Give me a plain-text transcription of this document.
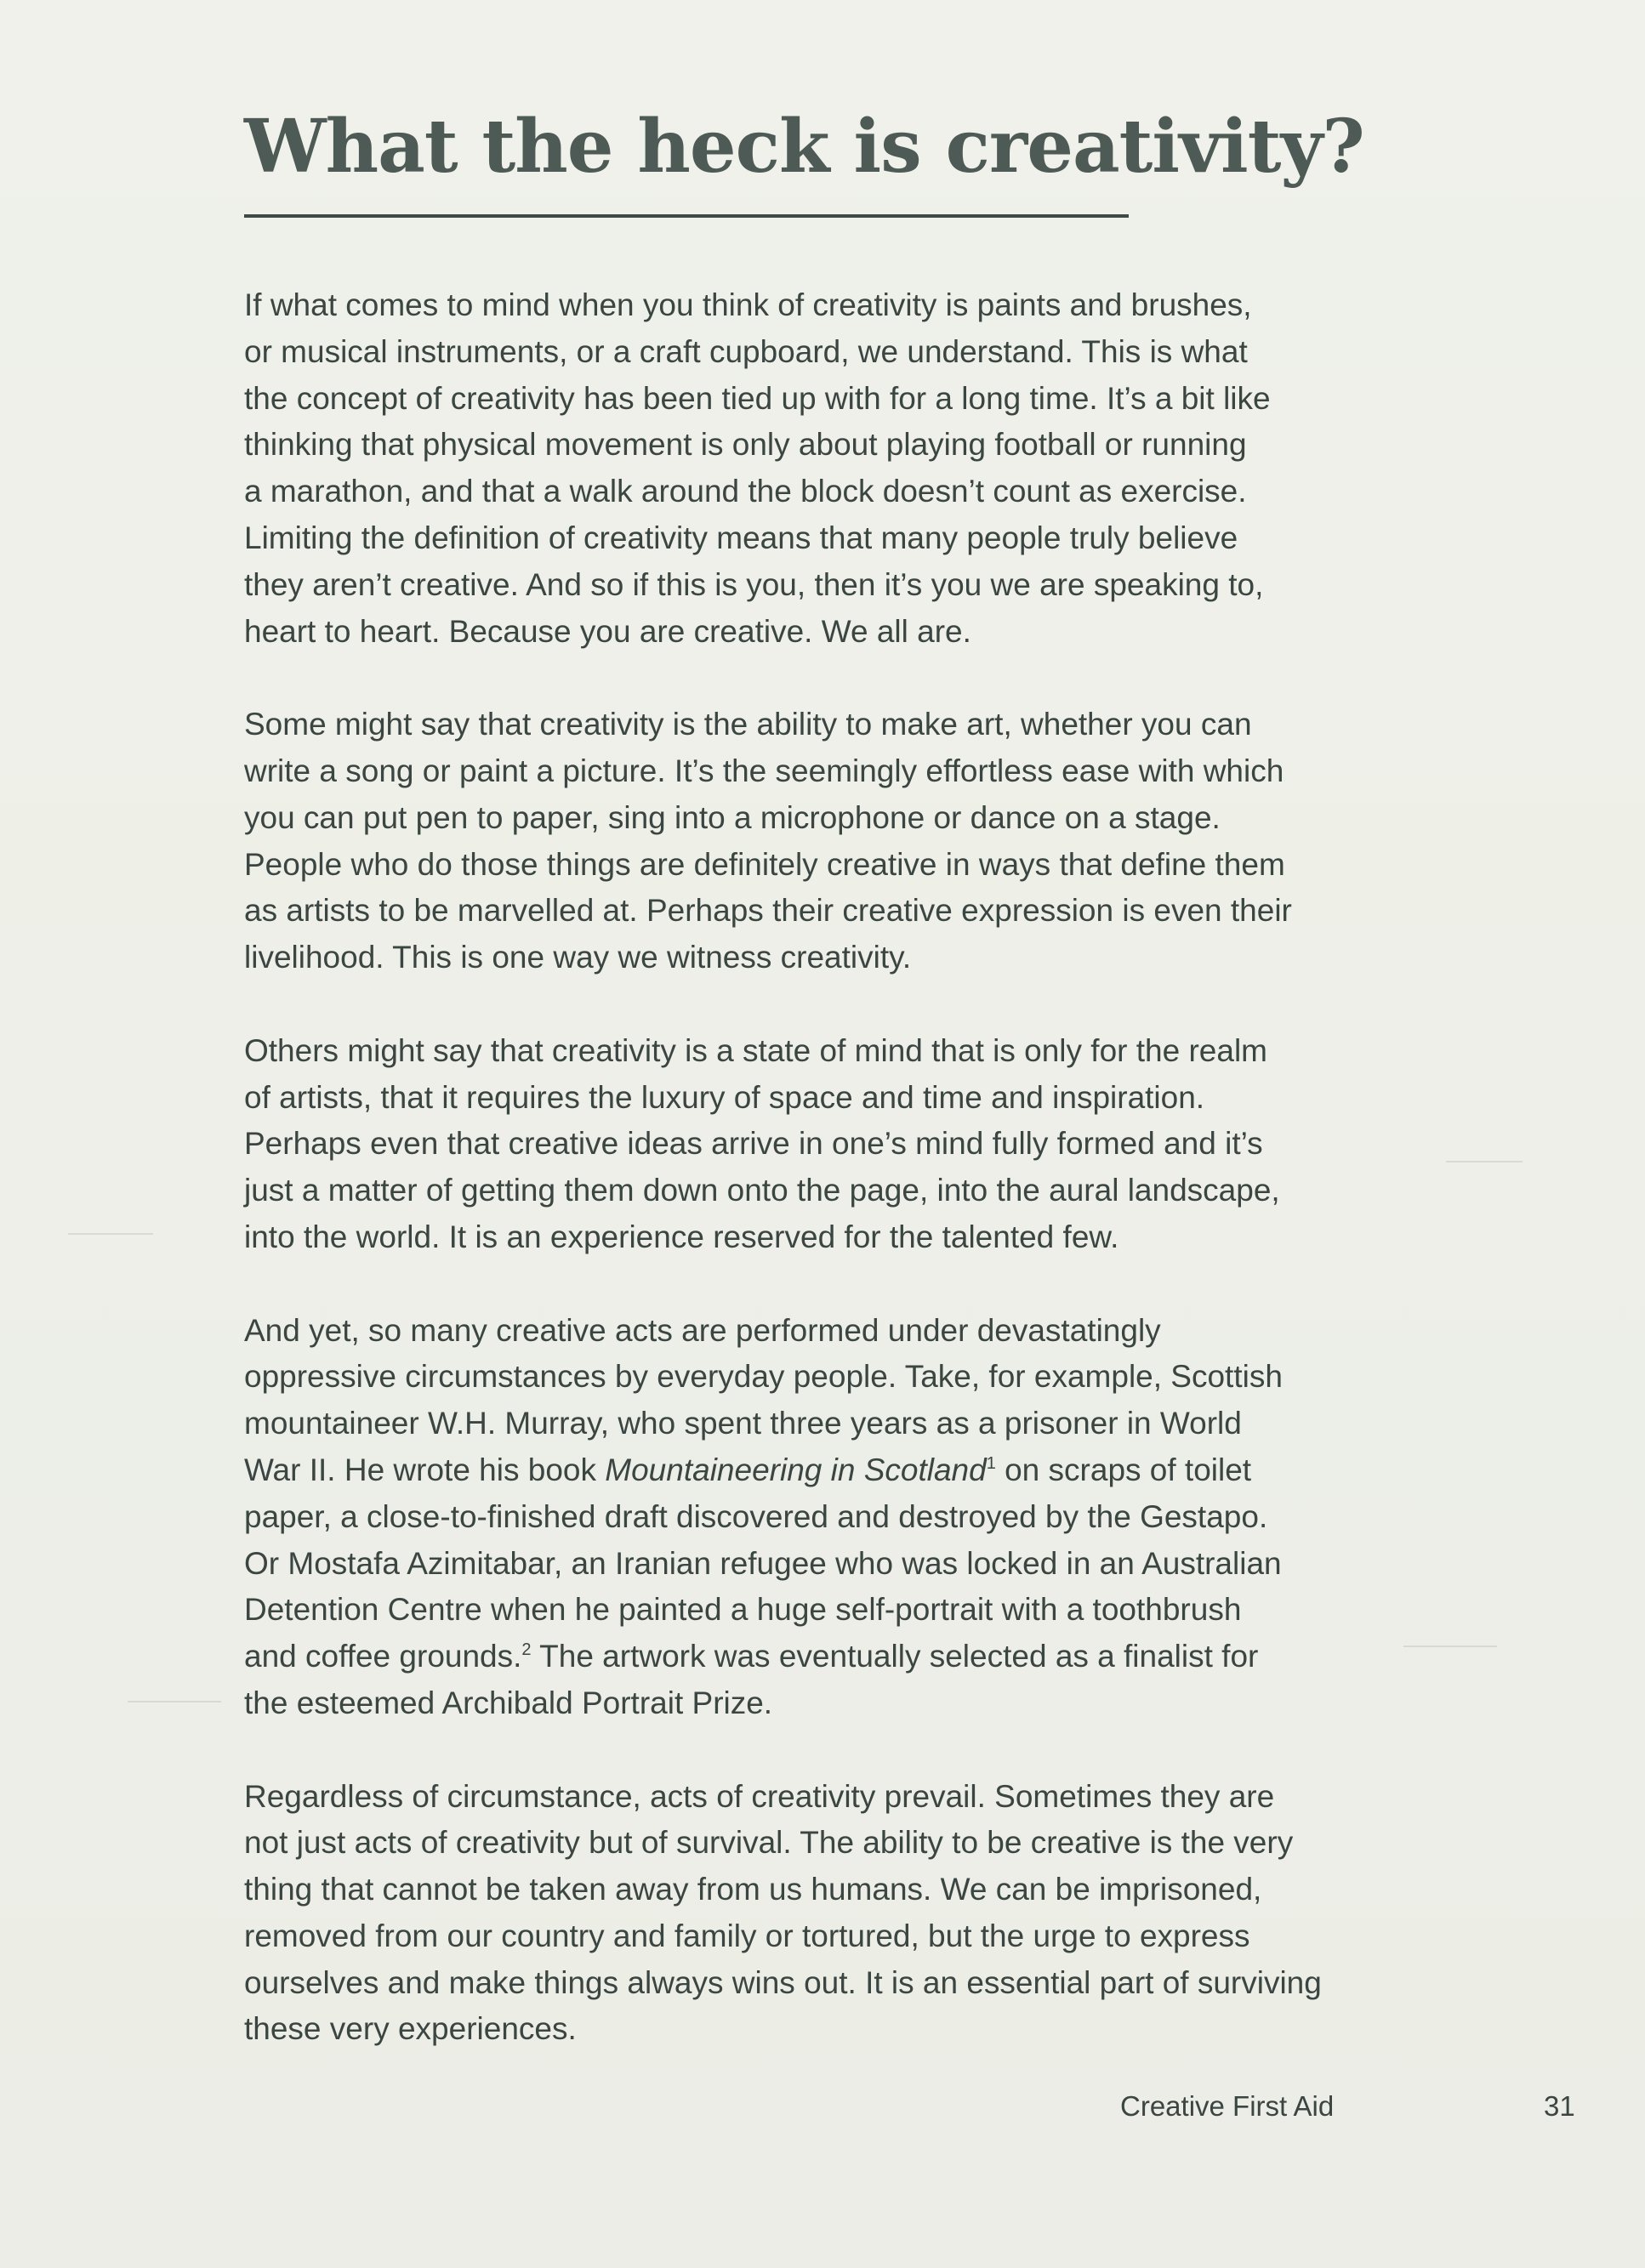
What the heck is creativity?

If what comes to mind when you think of creativity is paints and brushes,
or musical instruments, or a craft cupboard, we understand. This is what
the concept of creativity has been tied up with for a long time. It’s a bit like
thinking that physical movement is only about playing football or running
a marathon, and that a walk around the block doesn’t count as exercise.
Limiting the definition of creativity means that many people truly believe
they aren’t creative. And so if this is you, then it’s you we are speaking to,
heart to heart. Because you are creative. We all are.

Some might say that creativity is the ability to make art, whether you can
write a song or paint a picture. It’s the seemingly effortless ease with which
you can put pen to paper, sing into a microphone or dance on a stage.
People who do those things are definitely creative in ways that define them
as artists to be marvelled at. Perhaps their creative expression is even their
livelihood. This is one way we witness creativity.

Others might say that creativity is a state of mind that is only for the realm
of artists, that it requires the luxury of space and time and inspiration.
Perhaps even that creative ideas arrive in one’s mind fully formed and it’s
just a matter of getting them down onto the page, into the aural landscape,
into the world. It is an experience reserved for the talented few.

And yet, so many creative acts are performed under devastatingly
oppressive circumstances by everyday people. Take, for example, Scottish
mountaineer W.H. Murray, who spent three years as a prisoner in World
War II. He wrote his book Mountaineering in Scotland$^1$ on scraps of toilet
paper, a close-to-finished draft discovered and destroyed by the Gestapo.
Or Mostafa Azimitabar, an Iranian refugee who was locked in an Australian
Detention Centre when he painted a huge self-portrait with a toothbrush
and coffee grounds.$^2$ The artwork was eventually selected as a finalist for
the esteemed Archibald Portrait Prize.

Regardless of circumstance, acts of creativity prevail. Sometimes they are
not just acts of creativity but of survival. The ability to be creative is the very
thing that cannot be taken away from us humans. We can be imprisoned,
removed from our country and family or tortured, but the urge to express
ourselves and make things always wins out. It is an essential part of surviving
these very experiences.

Creative First Aid	31
